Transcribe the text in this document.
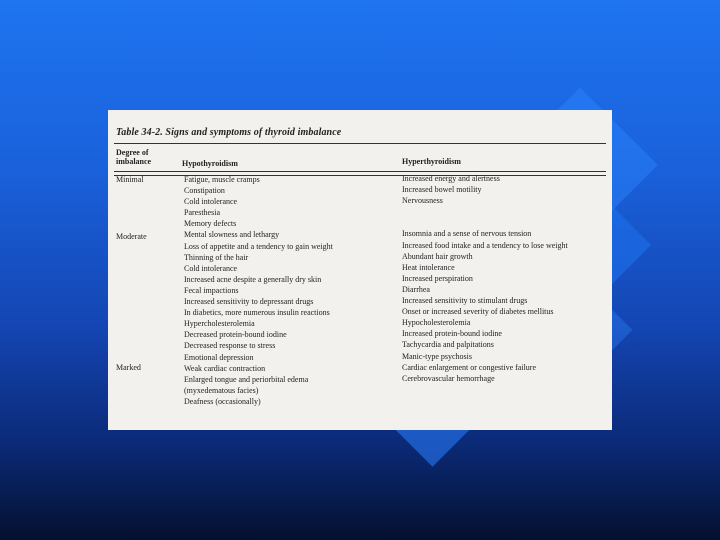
Table 34-2. Signs and symptoms of thyroid imbalance
Degree of imbalance	Hypothyroidism	Hyperthyroidism
Minimal
Moderate
Marked
Fatigue, muscle cramps
Constipation
Cold intolerance
Paresthesia
Memory defects
Mental slowness and lethargy
Loss of appetite and a tendency to gain weight
Thinning of the hair
Cold intolerance
Increased acne despite a generally dry skin
Fecal impactions
Increased sensitivity to depressant drugs
In diabetics, more numerous insulin reactions
Hypercholesterolemia
Decreased protein-bound iodine
Decreased response to stress
Emotional depression
Weak cardiac contraction
Enlarged tongue and periorbital edema
(myxedematous facies)
Deafness (occasionally)
Increased energy and alertness
Increased bowel motility
Nervousness

Insomnia and a sense of nervous tension
Increased food intake and a tendency to lose weight
Abundant hair growth
Heat intolerance
Increased perspiration
Diarrhea
Increased sensitivity to stimulant drugs
Onset or increased severity of diabetes mellitus
Hypocholesterolemia
Increased protein-bound iodine
Tachycardia and palpitations
Manic-type psychosis
Cardiac enlargement or congestive failure
Cerebrovascular hemorrhage
